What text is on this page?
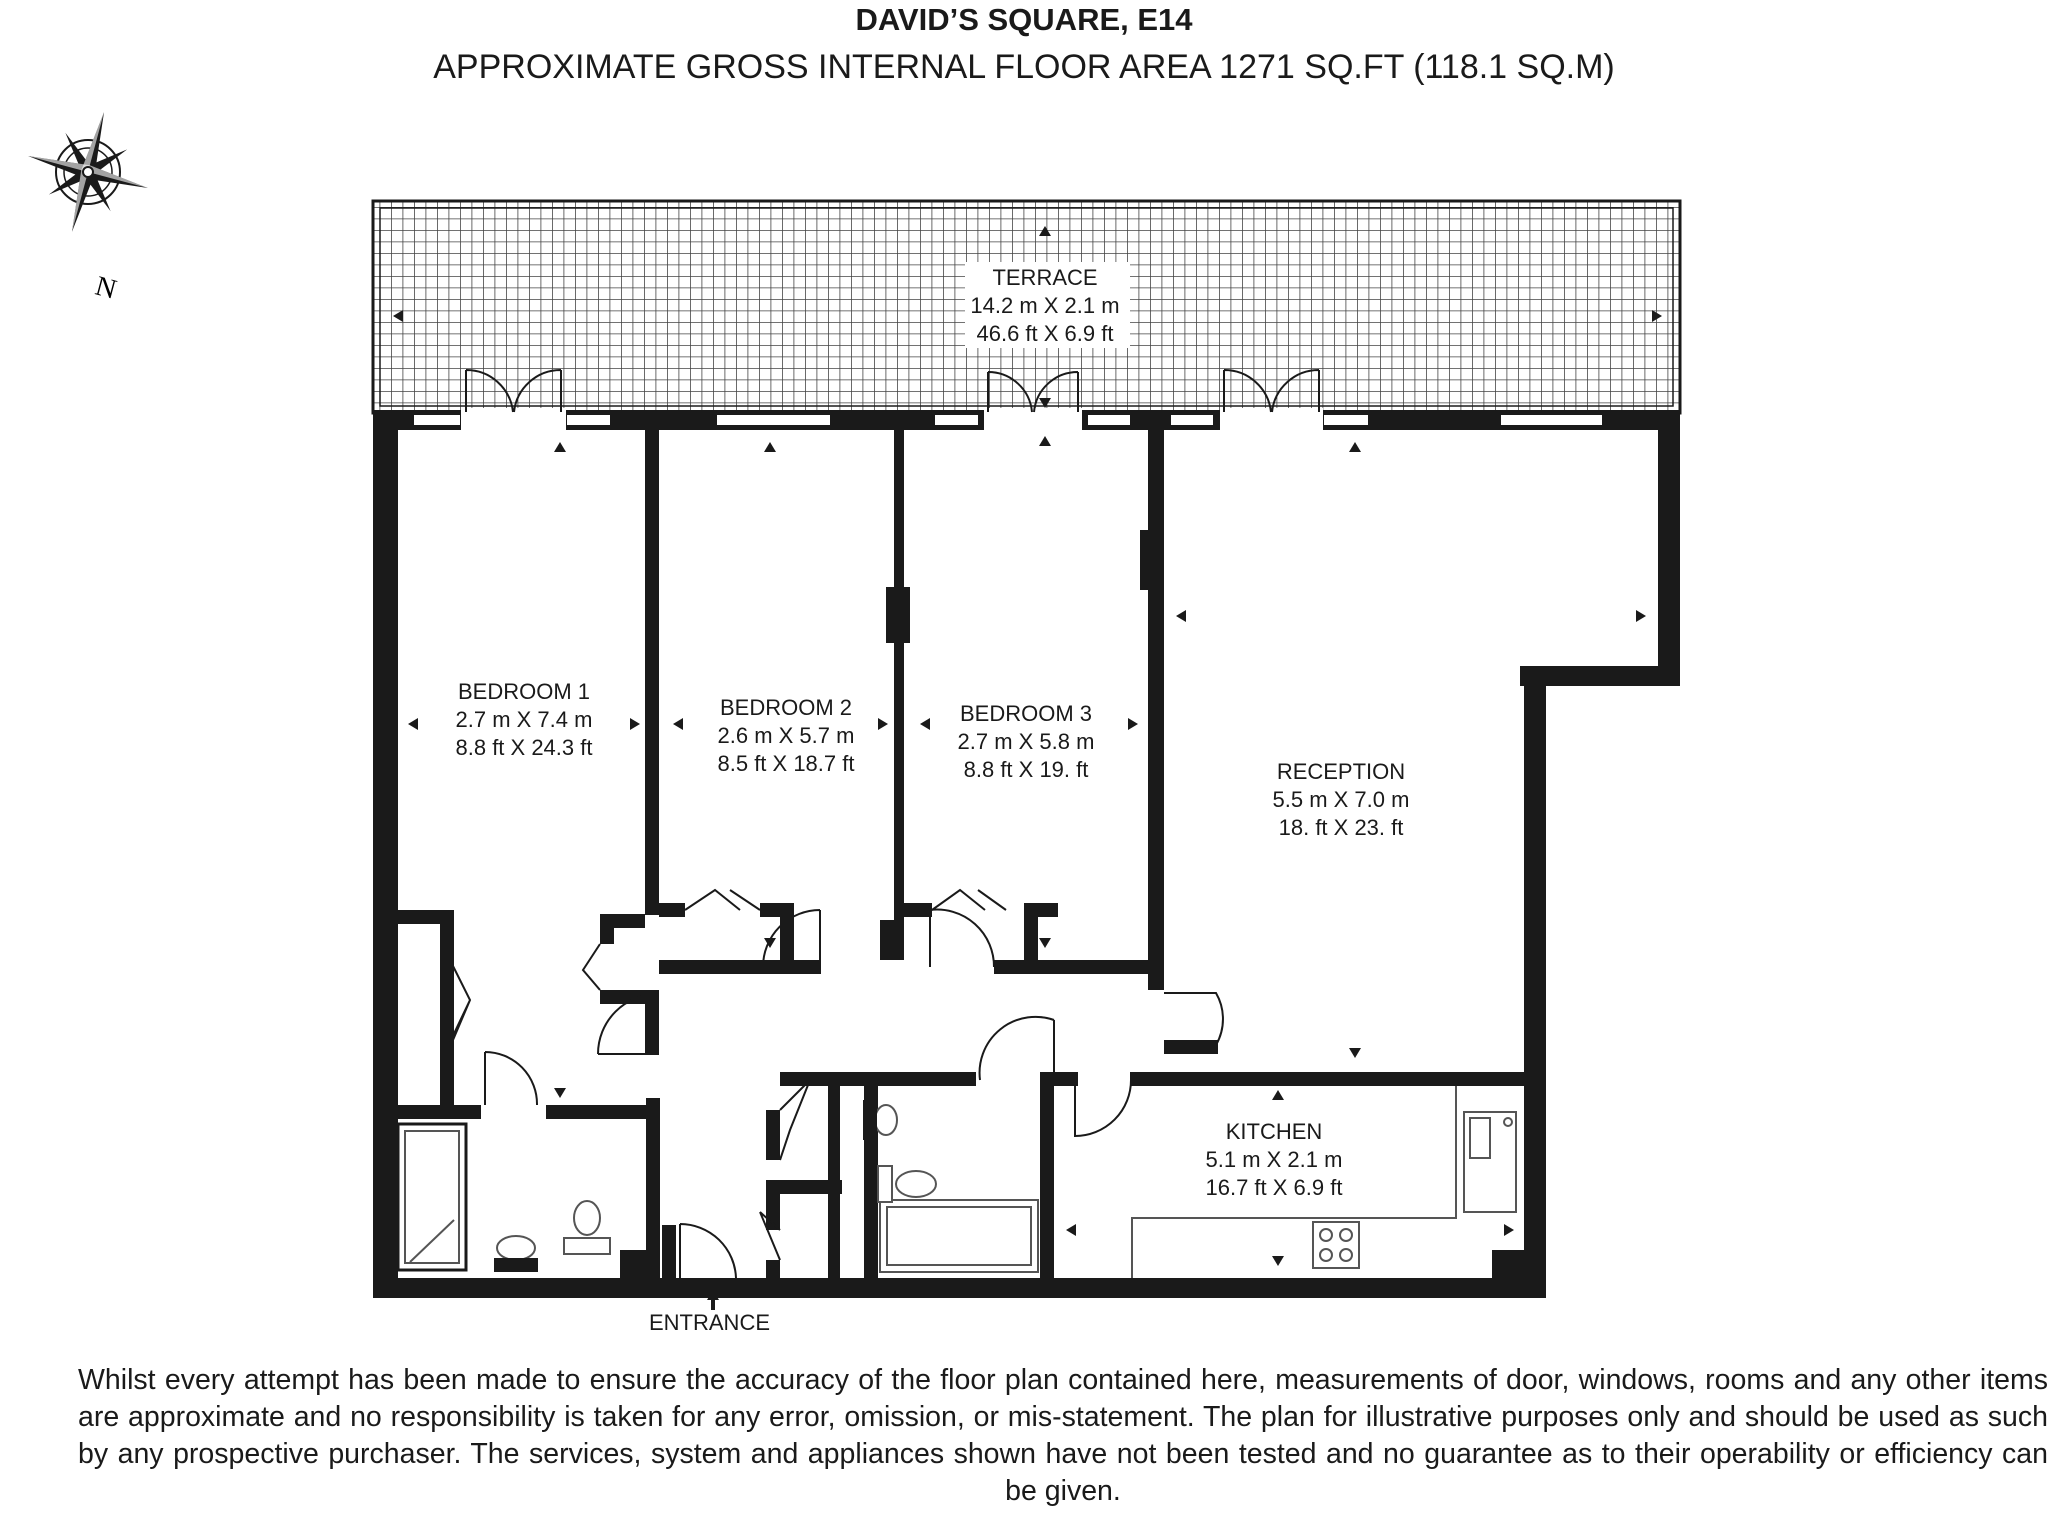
DAVID’S SQUARE, E14
APPROXIMATE GROSS INTERNAL FLOOR AREA 1271 SQ.FT (118.1 SQ.M)
N	TERRACE
14.2 m X 2.1 m
46.6 ft X 6.9 ft
BEDROOM 1
2.7 m X 7.4 m
8.8 ft X 24.3 ft
BEDROOM 2
2.6 m X 5.7 m
8.5 ft X 18.7 ft
BEDROOM 3
2.7 m X 5.8 m
8.8 ft X 19. ft	RECEPTION
5.5 m X 7.0 m
18. ft X 23. ft
KITCHEN
5.1 m X 2.1 m
16.7 ft X 6.9 ft
ENTRANCE
Whilst every attempt has been made to ensure the accuracy of the floor plan contained here, measurements of door, windows, rooms and any other items are approximate and no responsibility is taken for any error, omission, or mis-statement. The plan for illustrative purposes only and should be used as such by any prospective purchaser. The services, system and appliances shown have not been tested and no guarantee as to their operability or efficiency can be given.
